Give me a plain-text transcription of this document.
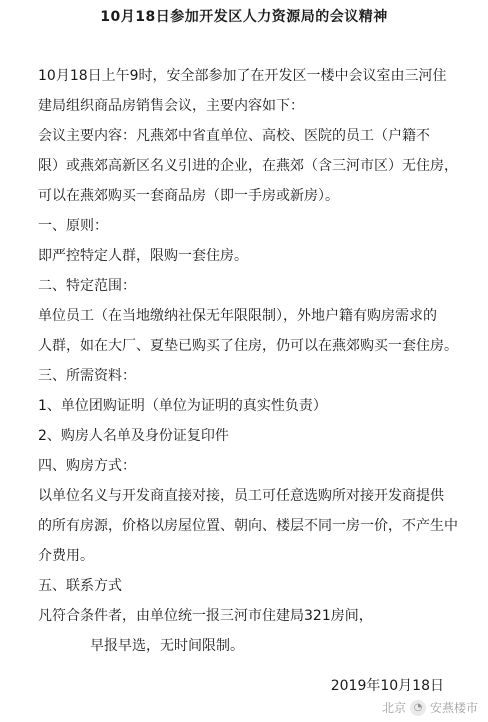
10月18日参加开发区人力资源局的会议精神
10月18日上午9时，安全部参加了在开发区一楼中会议室由三河住
建局组织商品房销售会议，主要内容如下：
会议主要内容：凡燕郊中省直单位、高校、医院的员工（户籍不
限）或燕郊高新区名义引进的企业，在燕郊（含三河市区）无住房，
可以在燕郊购买一套商品房（即一手房或新房）。
一、原则：
即严控特定人群，限购一套住房。
二、特定范围：
单位员工（在当地缴纳社保无年限限制），外地户籍有购房需求的
人群，如在大厂、夏垫已购买了住房，仍可以在燕郊购买一套住房。
三、所需资料：
1、单位团购证明（单位为证明的真实性负责）
2、购房人名单及身份证复印件
四、购房方式：
以单位名义与开发商直接对接，员工可任意选购所对接开发商提供
的所有房源，价格以房屋位置、朝向、楼层不同一房一价，不产生中
介费用。
五、联系方式
凡符合条件者，由单位统一报三河市住建局321房间，
早报早选，无时间限制。
2019年10月18日
北京 ◔ 安燕楼市
